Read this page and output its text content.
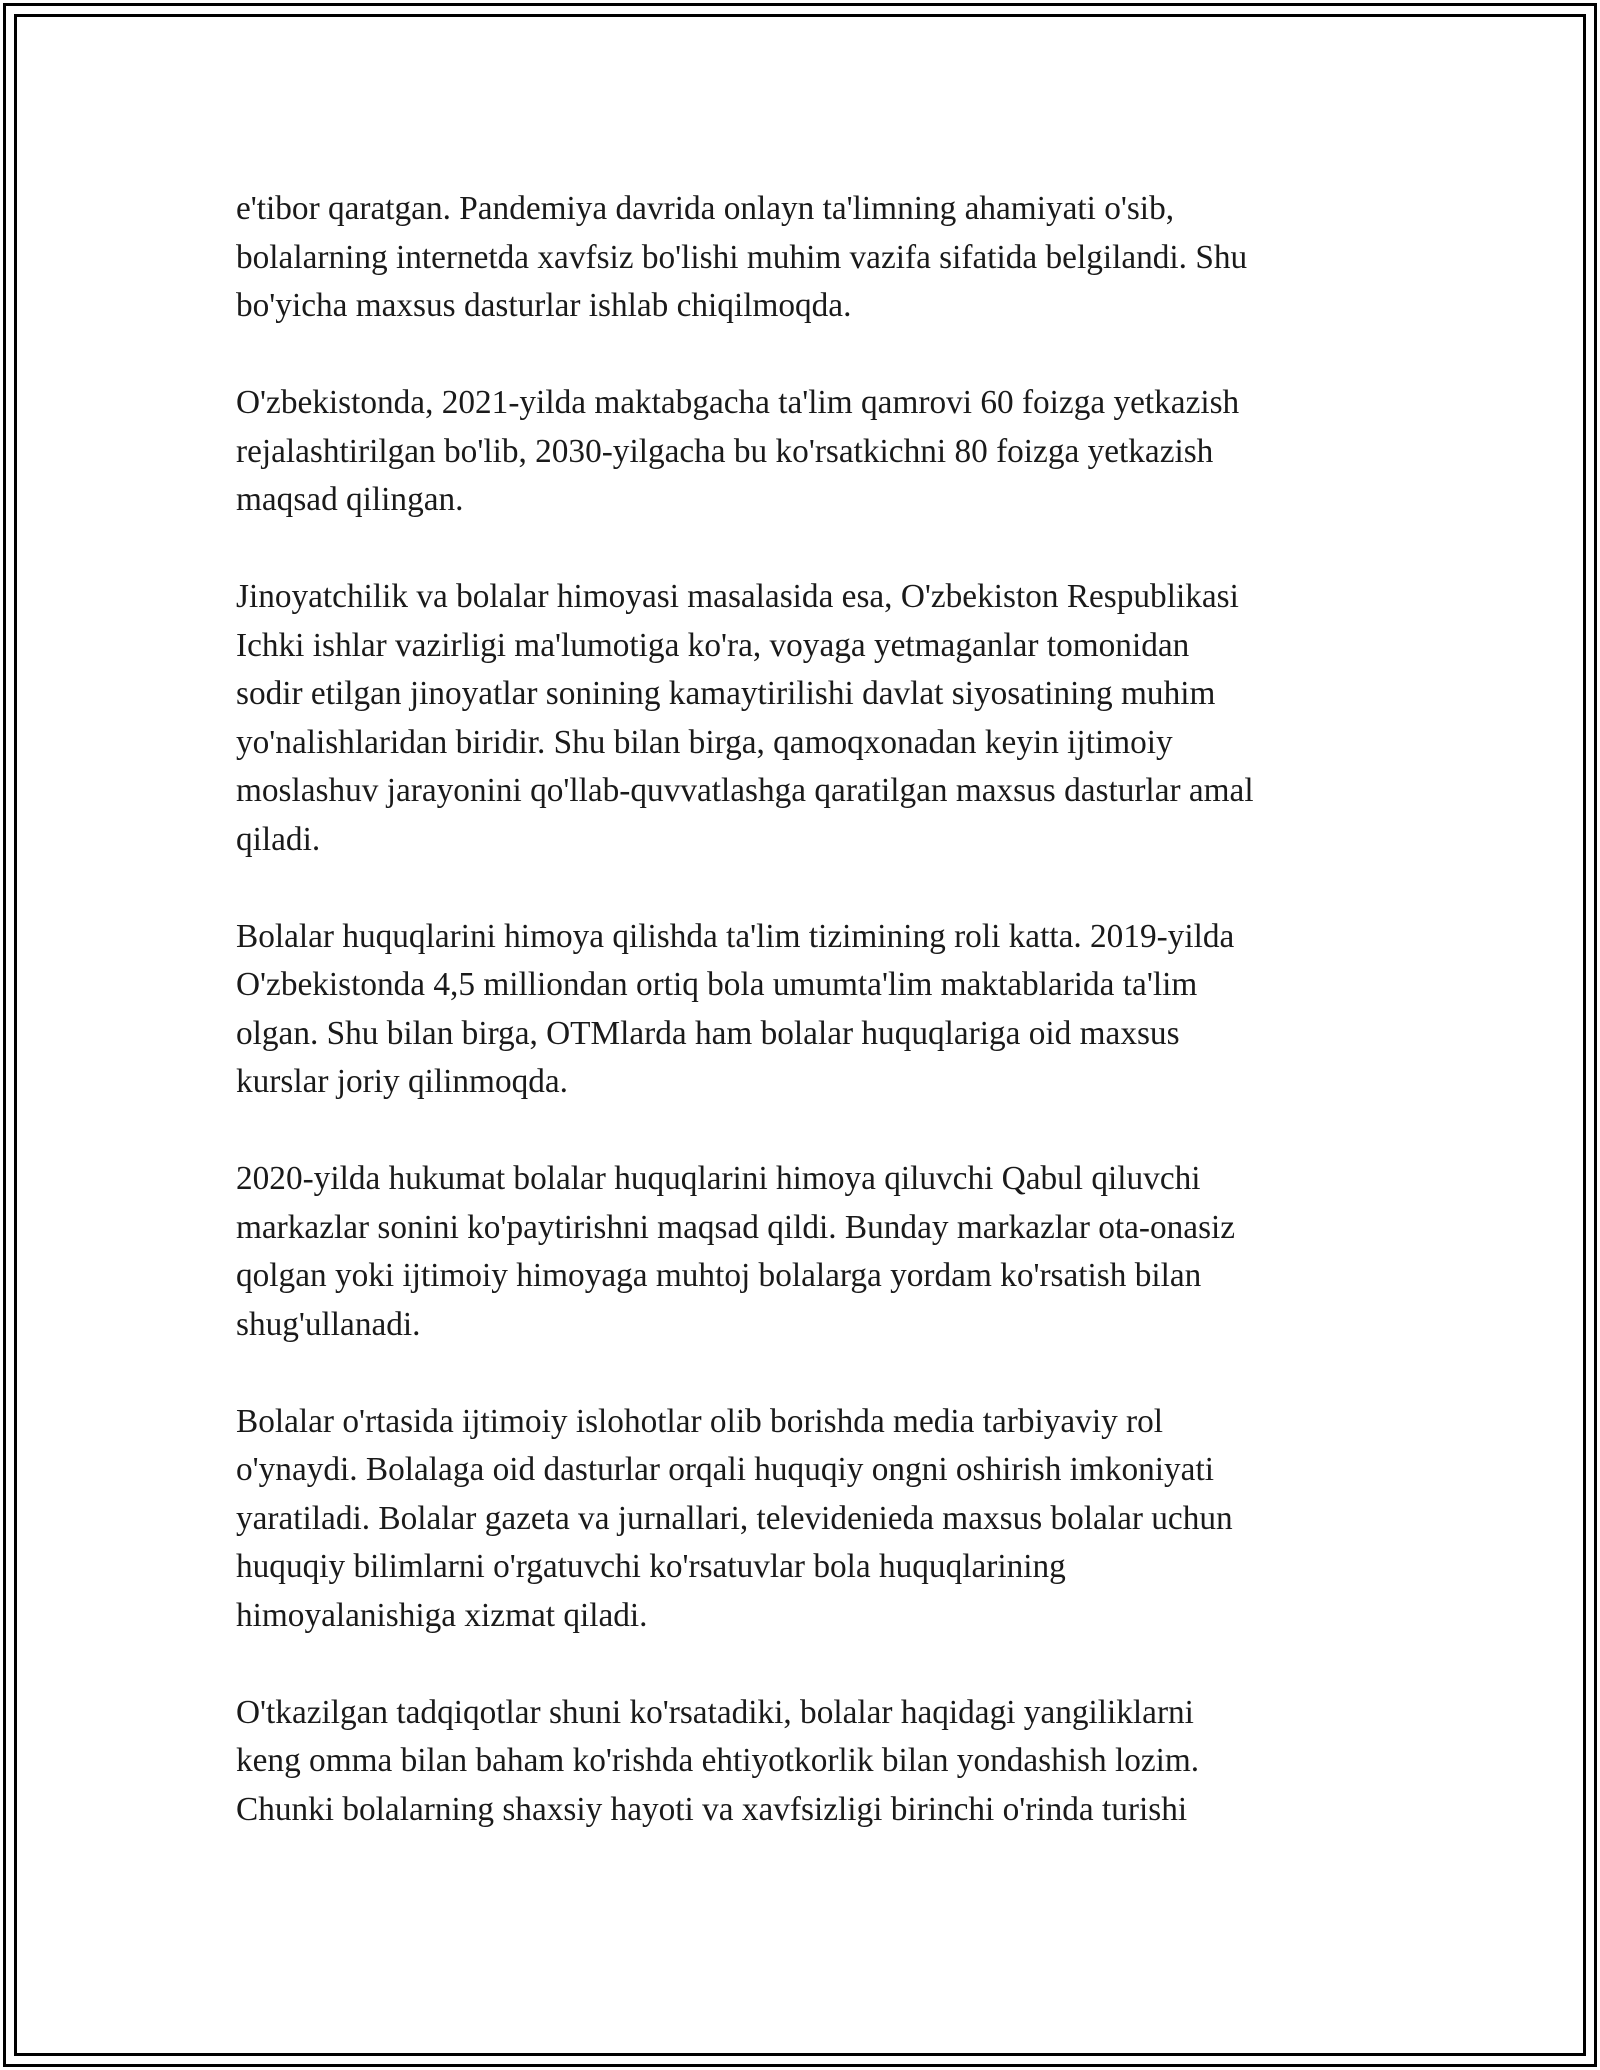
e'tibor qaratgan. Pandemiya davrida onlayn ta'limning ahamiyati o'sib,
bolalarning internetda xavfsiz bo'lishi muhim vazifa sifatida belgilandi. Shu
bo'yicha maxsus dasturlar ishlab chiqilmoqda.

O'zbekistonda, 2021-yilda maktabgacha ta'lim qamrovi 60 foizga yetkazish
rejalashtirilgan bo'lib, 2030-yilgacha bu ko'rsatkichni 80 foizga yetkazish
maqsad qilingan.

Jinoyatchilik va bolalar himoyasi masalasida esa, O'zbekiston Respublikasi
Ichki ishlar vazirligi ma'lumotiga ko'ra, voyaga yetmaganlar tomonidan
sodir etilgan jinoyatlar sonining kamaytirilishi davlat siyosatining muhim
yo'nalishlaridan biridir. Shu bilan birga, qamoqxonadan keyin ijtimoiy
moslashuv jarayonini qo'llab-quvvatlashga qaratilgan maxsus dasturlar amal
qiladi.

Bolalar huquqlarini himoya qilishda ta'lim tizimining roli katta. 2019-yilda
O'zbekistonda 4,5 milliondan ortiq bola umumta'lim maktablarida ta'lim
olgan. Shu bilan birga, OTMlarda ham bolalar huquqlariga oid maxsus
kurslar joriy qilinmoqda.

2020-yilda hukumat bolalar huquqlarini himoya qiluvchi Qabul qiluvchi
markazlar sonini ko'paytirishni maqsad qildi. Bunday markazlar ota-onasiz
qolgan yoki ijtimoiy himoyaga muhtoj bolalarga yordam ko'rsatish bilan
shug'ullanadi.

Bolalar o'rtasida ijtimoiy islohotlar olib borishda media tarbiyaviy rol
o'ynaydi. Bolalaga oid dasturlar orqali huquqiy ongni oshirish imkoniyati
yaratiladi. Bolalar gazeta va jurnallari, televidenieda maxsus bolalar uchun
huquqiy bilimlarni o'rgatuvchi ko'rsatuvlar bola huquqlarining
himoyalanishiga xizmat qiladi.

O'tkazilgan tadqiqotlar shuni ko'rsatadiki, bolalar haqidagi yangiliklarni
keng omma bilan baham ko'rishda ehtiyotkorlik bilan yondashish lozim.
Chunki bolalarning shaxsiy hayoti va xavfsizligi birinchi o'rinda turishi
